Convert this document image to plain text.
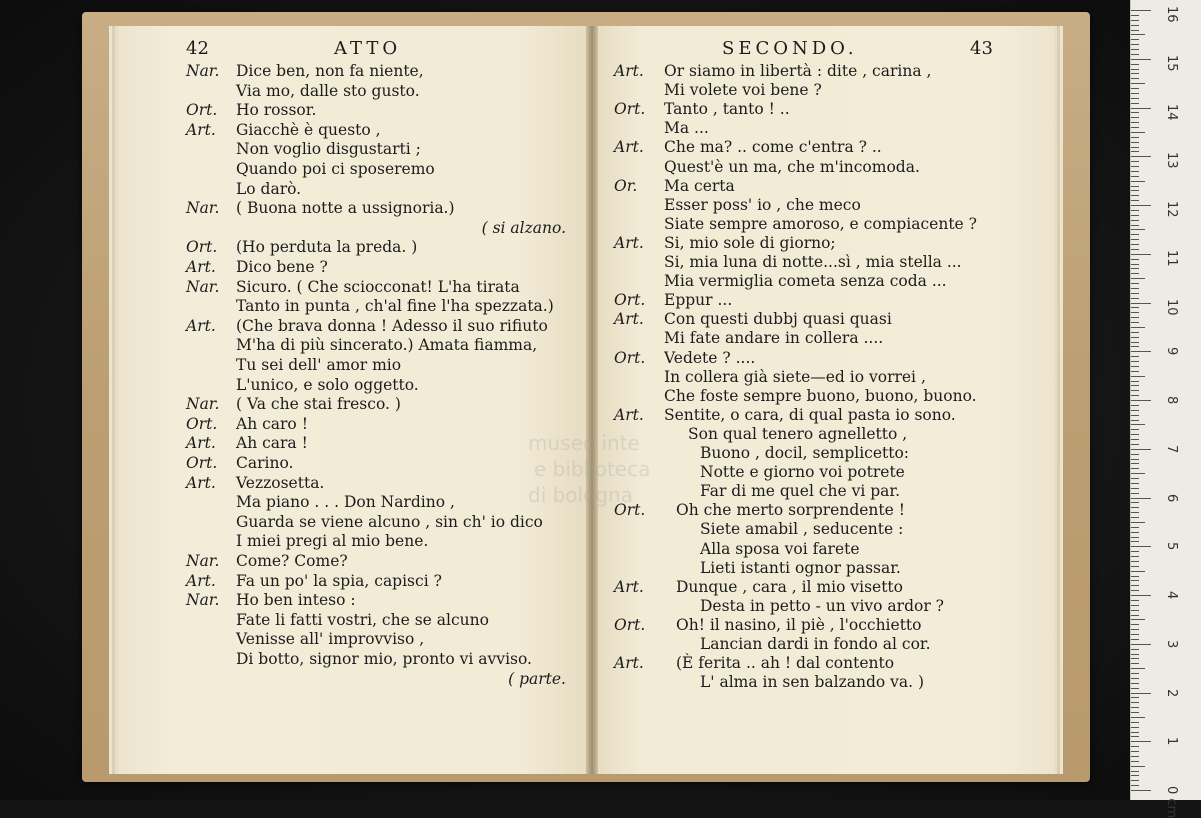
42	ATTO	SECONDO.	43
Nar. Dice ben, non fa niente,
Via mo, dalle sto gusto.
Ort. Ho rossor.
Art. Giacchè è questo ,
Non voglio disgustarti ;
Quando poi ci sposeremo
Lo darò.
Nar. ( Buona notte a ussignoria.)
( si alzano.
Ort. (Ho perduta la preda. )
Art. Dico bene ?
Nar. Sicuro. ( Che sciocconat! L'ha tirata
Tanto in punta , ch'al fine l'ha spezzata.)
Art. (Che brava donna ! Adesso il suo rifiuto
M'ha di più sincerato.) Amata fiamma,
Tu sei dell' amor mio
L'unico, e solo oggetto.
Nar. ( Va che stai fresco. )
Ort. Ah caro !
Art. Ah cara !
Ort. Carino.
Art. Vezzosetta.
Ma piano . . . Don Nardino ,
Guarda se viene alcuno , sin ch' io dico
I miei pregi al mio bene.
Nar. Come? Come?
Art. Fa un po' la spia, capisci ?
Nar. Ho ben inteso :
Fate li fatti vostri, che se alcuno
Venisse all' improvviso ,
Di botto, signor mio, pronto vi avviso.
( parte.
Art. Or siamo in libertà : dite , carina ,
Mi volete voi bene ?
Ort. Tanto , tanto ! ..
Ma ...
Art. Che ma? .. come c'entra ? ..
Quest'è un ma, che m'incomoda.
Or. Ma certa
Esser poss' io , che meco
Siate sempre amoroso, e compiacente ?
Art. Si, mio sole di giorno;
Si, mia luna di notte...sì , mia stella ...
Mia vermiglia cometa senza coda ...
Ort. Eppur ...
Art. Con questi dubbj quasi quasi
Mi fate andare in collera ....
Ort. Vedete ? ....
In collera già siete—ed io vorrei ,
Che foste sempre buono, buono, buono.
Art. Sentite, o cara, di qual pasta io sono.
Son qual tenero agnelletto ,
Buono , docil, semplicetto:
Notte e giorno voi potrete
Far di me quel che vi par.
Ort. Oh che merto sorprendente !
Siete amabil , seducente :
Alla sposa voi farete
Lieti istanti ognor passar.
Art. Dunque , cara , il mio visetto
Desta in petto - un vivo ardor ?
Ort. Oh! il nasino, il piè , l'occhietto
Lancian dardi in fondo al cor.
Art. (È ferita .. ah ! dal contento
L' alma in sen balzando va. )
museo inte
e biblioteca
di bologna
16
15
14
13
12
11
10
9
8
7
6
5
4
3
2
1
0 cm
